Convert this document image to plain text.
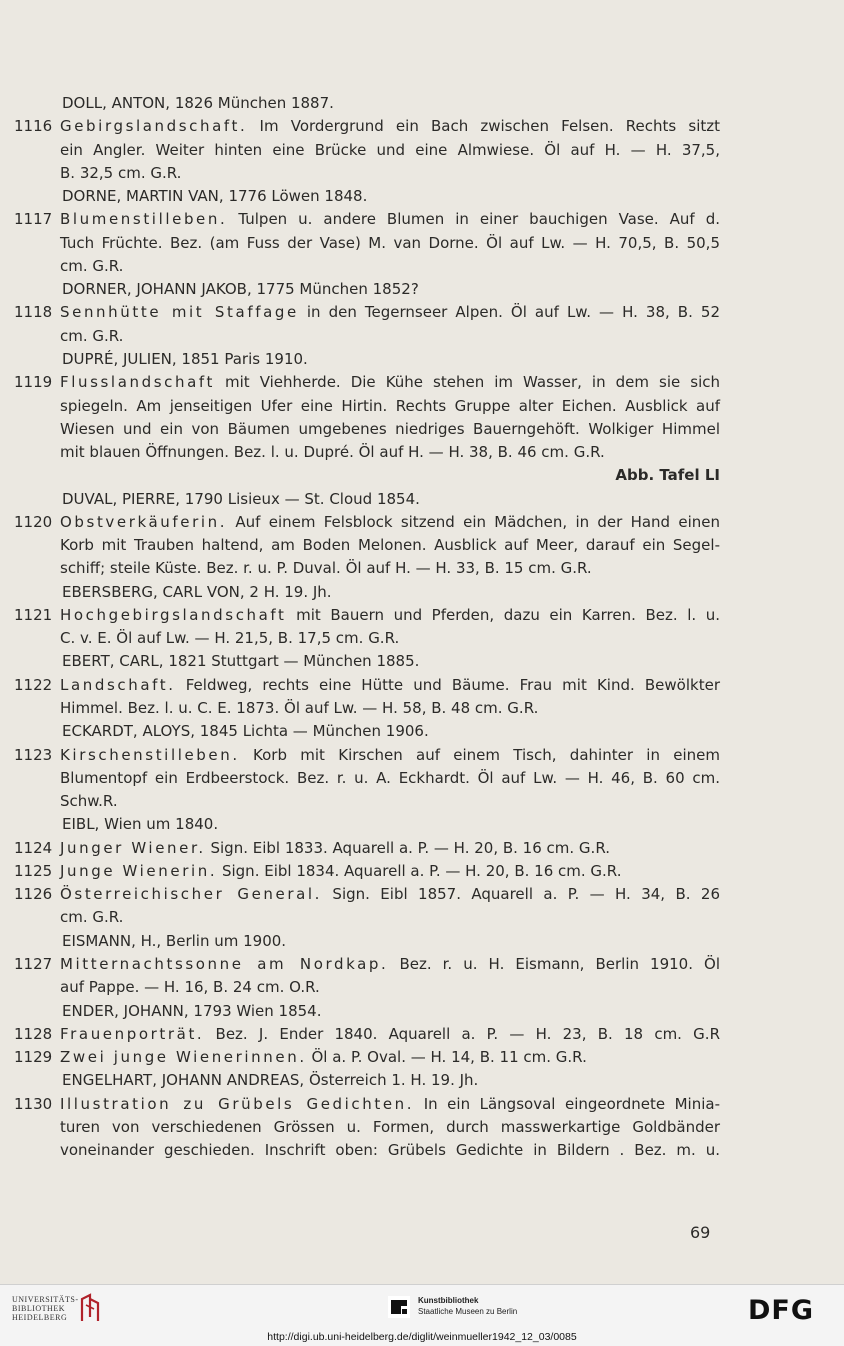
DOLL, ANTON, 1826 München 1887.
1116 Gebirgslandschaft. Im Vordergrund ein Bach zwischen Felsen. Rechts sitzt
ein Angler. Weiter hinten eine Brücke und eine Almwiese. Öl auf H. — H. 37,5,
B. 32,5 cm. G.R.
DORNE, MARTIN VAN, 1776 Löwen 1848.
1117 Blumenstilleben. Tulpen u. andere Blumen in einer bauchigen Vase. Auf d.
Tuch Früchte. Bez. (am Fuss der Vase) M. van Dorne. Öl auf Lw. — H. 70,5, B. 50,5
cm. G.R.
DORNER, JOHANN JAKOB, 1775 München 1852?
1118 Sennhütte mit Staffage in den Tegernseer Alpen. Öl auf Lw. — H. 38, B. 52
cm. G.R.
DUPRÉ, JULIEN, 1851 Paris 1910.
1119 Flusslandschaft mit Viehherde. Die Kühe stehen im Wasser, in dem sie sich
spiegeln. Am jenseitigen Ufer eine Hirtin. Rechts Gruppe alter Eichen. Ausblick auf
Wiesen und ein von Bäumen umgebenes niedriges Bauerngehöft. Wolkiger Himmel
mit blauen Öffnungen. Bez. l. u. Dupré. Öl auf H. — H. 38, B. 46 cm. G.R.
Abb. Tafel LI
DUVAL, PIERRE, 1790 Lisieux — St. Cloud 1854.
1120 Obstverkäuferin. Auf einem Felsblock sitzend ein Mädchen, in der Hand einen
Korb mit Trauben haltend, am Boden Melonen. Ausblick auf Meer, darauf ein Segel-
schiff; steile Küste. Bez. r. u. P. Duval. Öl auf H. — H. 33, B. 15 cm. G.R.
EBERSBERG, CARL VON, 2 H. 19. Jh.
1121 Hochgebirgslandschaft mit Bauern und Pferden, dazu ein Karren. Bez. l. u.
C. v. E. Öl auf Lw. — H. 21,5, B. 17,5 cm. G.R.
EBERT, CARL, 1821 Stuttgart — München 1885.
1122 Landschaft. Feldweg, rechts eine Hütte und Bäume. Frau mit Kind. Bewölkter
Himmel. Bez. l. u. C. E. 1873. Öl auf Lw. — H. 58, B. 48 cm. G.R.
ECKARDT, ALOYS, 1845 Lichta — München 1906.
1123 Kirschenstilleben. Korb mit Kirschen auf einem Tisch, dahinter in einem
Blumentopf ein Erdbeerstock. Bez. r. u. A. Eckhardt. Öl auf Lw. — H. 46, B. 60 cm.
Schw.R.
EIBL, Wien um 1840.
1124 Junger Wiener. Sign. Eibl 1833. Aquarell a. P. — H. 20, B. 16 cm. G.R.
1125 Junge Wienerin. Sign. Eibl 1834. Aquarell a. P. — H. 20, B. 16 cm. G.R.
1126 Österreichischer General. Sign. Eibl 1857. Aquarell a. P. — H. 34, B. 26
cm. G.R.
EISMANN, H., Berlin um 1900.
1127 Mitternachtssonne am Nordkap. Bez. r. u. H. Eismann, Berlin 1910. Öl
auf Pappe. — H. 16, B. 24 cm. O.R.
ENDER, JOHANN, 1793 Wien 1854.
1128 Frauenporträt. Bez. J. Ender 1840. Aquarell a. P. — H. 23, B. 18 cm. G.R
1129 Zwei junge Wienerinnen. Öl a. P. Oval. — H. 14, B. 11 cm. G.R.
ENGELHART, JOHANN ANDREAS, Österreich 1. H. 19. Jh.
1130 Illustration zu Grübels Gedichten. In ein Längsoval eingeordnete Minia-
turen von verschiedenen Grössen u. Formen, durch masswerkartige Goldbänder
voneinander geschieden. Inschrift oben: Grübels Gedichte in Bildern . Bez. m. u.
69
UNIVERSITÄTS-
BIBLIOTHEK
HEIDELBERG
Kunstbibliothek
Staatliche Museen zu Berlin	DFG
http://digi.ub.uni-heidelberg.de/diglit/weinmueller1942_12_03/0085
